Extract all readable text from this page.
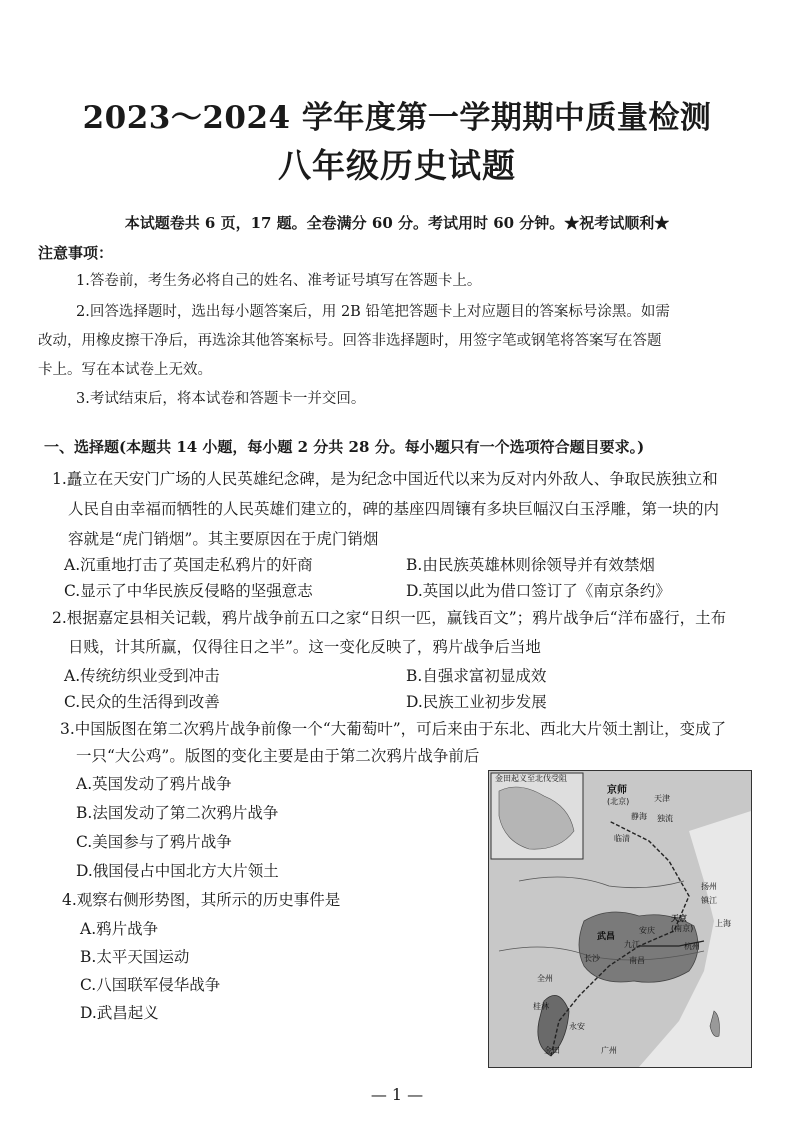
2023～2024 学年度第一学期期中质量检测
八年级历史试题
本试题卷共 6 页，17 题。全卷满分 60 分。考试用时 60 分钟。★祝考试顺利★
注意事项：
1.答卷前，考生务必将自己的姓名、准考证号填写在答题卡上。
2.回答选择题时，选出每小题答案后，用 2B 铅笔把答题卡上对应题目的答案标号涂黑。如需
改动，用橡皮擦干净后，再选涂其他答案标号。回答非选择题时，用签字笔或钢笔将答案写在答题
卡上。写在本试卷上无效。
3.考试结束后，将本试卷和答题卡一并交回。
一、选择题(本题共 14 小题，每小题 2 分共 28 分。每小题只有一个选项符合题目要求。)
1.矗立在天安门广场的人民英雄纪念碑，是为纪念中国近代以来为反对内外敌人、争取民族独立和
人民自由幸福而牺牲的人民英雄们建立的，碑的基座四周镶有多块巨幅汉白玉浮雕，第一块的内
容就是“虎门销烟”。其主要原因在于虎门销烟
A.沉重地打击了英国走私鸦片的奸商	B.由民族英雄林则徐领导并有效禁烟
C.显示了中华民族反侵略的坚强意志	D.英国以此为借口签订了《南京条约》
2.根据嘉定县相关记载，鸦片战争前五口之家“日织一匹，赢钱百文”；鸦片战争后“洋布盛行，土布
日贱，计其所赢，仅得往日之半”。这一变化反映了，鸦片战争后当地
A.传统纺织业受到冲击	B.自强求富初显成效
C.民众的生活得到改善	D.民族工业初步发展
3.中国版图在第二次鸦片战争前像一个“大葡萄叶”，可后来由于东北、西北大片领土割让，变成了
一只“大公鸡”。版图的变化主要是由于第二次鸦片战争前后
A.英国发动了鸦片战争
B.法国发动了第二次鸦片战争
C.美国参与了鸦片战争
D.俄国侵占中国北方大片领土
4.观察右侧形势图，其所示的历史事件是
A.鸦片战争
B.太平天国运动
C.八国联军侵华战争
D.武昌起义
金田起义至北伐受阻
京师
(北京)	天津
静海 独流
临清
扬州
镇江
天京
(南京)
杭州
上海
武昌
九江
安庆
长沙	南昌
全州
桂林
永安
金田	广州
— 1 —
